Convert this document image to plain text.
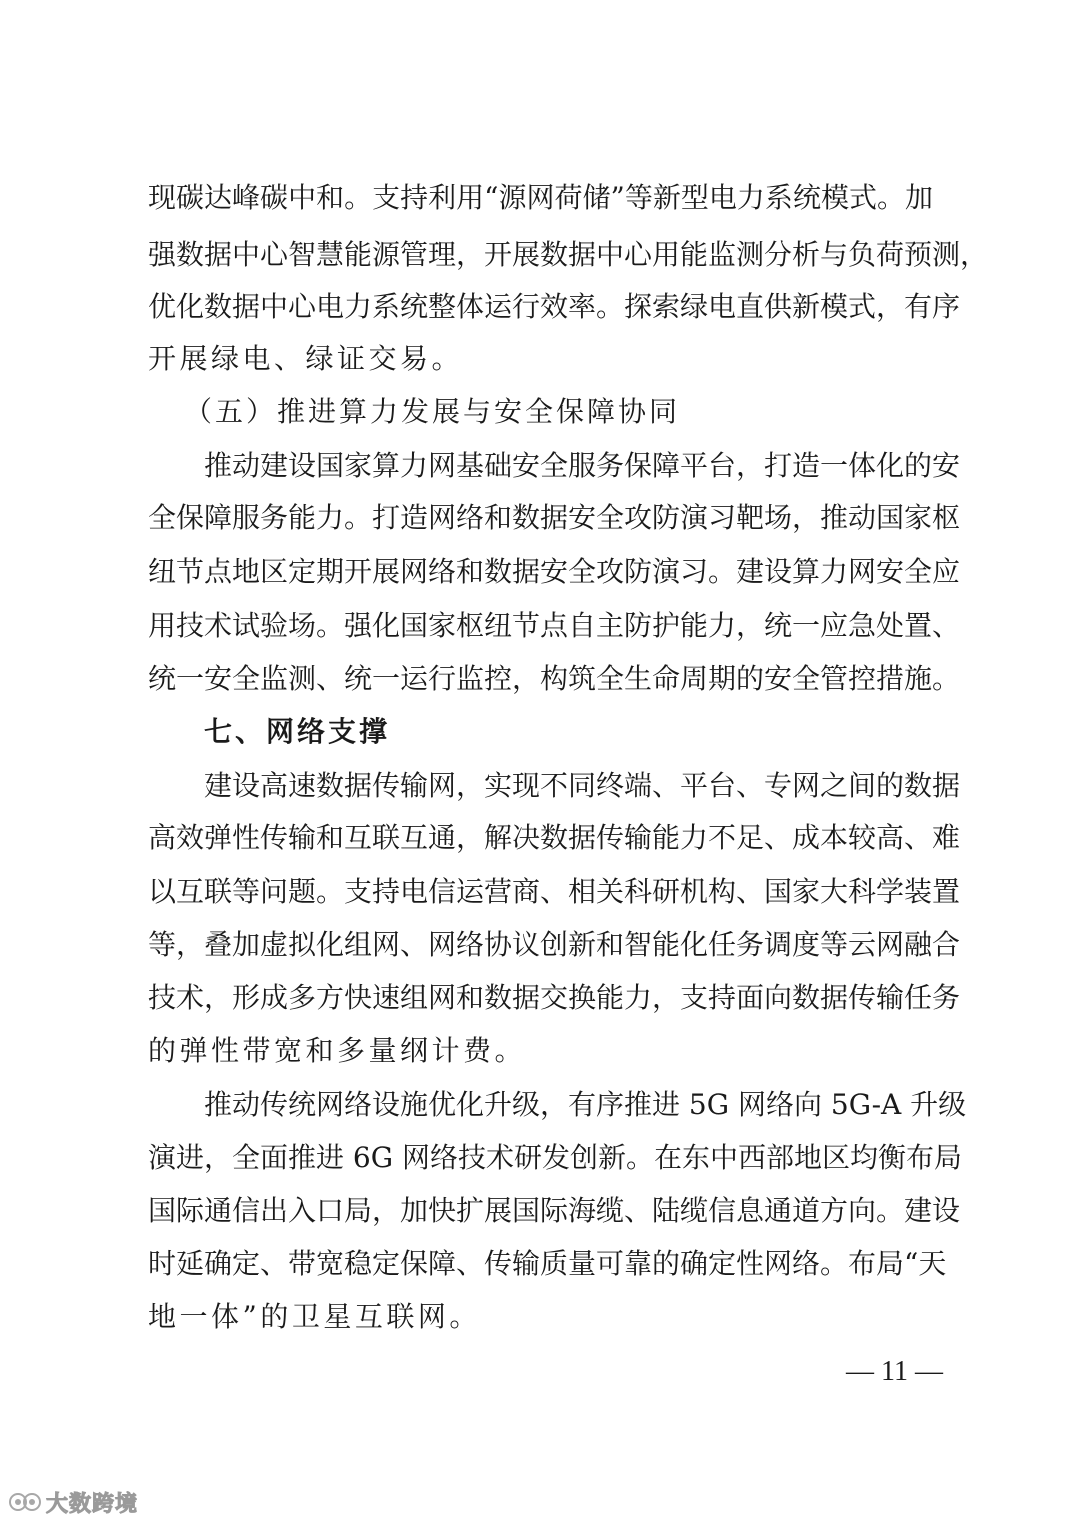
现碳达峰碳中和。支持利用“源网荷储”等新型电力系统模式。加
强数据中心智慧能源管理，开展数据中心用能监测分析与负荷预测，
优化数据中心电力系统整体运行效率。探索绿电直供新模式，有序
开展绿电、绿证交易。
（五）推进算力发展与安全保障协同
推动建设国家算力网基础安全服务保障平台，打造一体化的安
全保障服务能力。打造网络和数据安全攻防演习靶场，推动国家枢
纽节点地区定期开展网络和数据安全攻防演习。建设算力网安全应
用技术试验场。强化国家枢纽节点自主防护能力，统一应急处置、
统一安全监测、统一运行监控，构筑全生命周期的安全管控措施。
七、网络支撑
建设高速数据传输网，实现不同终端、平台、专网之间的数据
高效弹性传输和互联互通，解决数据传输能力不足、成本较高、难
以互联等问题。支持电信运营商、相关科研机构、国家大科学装置
等，叠加虚拟化组网、网络协议创新和智能化任务调度等云网融合
技术，形成多方快速组网和数据交换能力，支持面向数据传输任务
的弹性带宽和多量纲计费。
推动传统网络设施优化升级，有序推进 5G 网络向 5G-A 升级
演进，全面推进 6G 网络技术研发创新。在东中西部地区均衡布局
国际通信出入口局，加快扩展国际海缆、陆缆信息通道方向。建设
时延确定、带宽稳定保障、传输质量可靠的确定性网络。布局“天
地一体”的卫星互联网。
— 11 —
大数跨境
